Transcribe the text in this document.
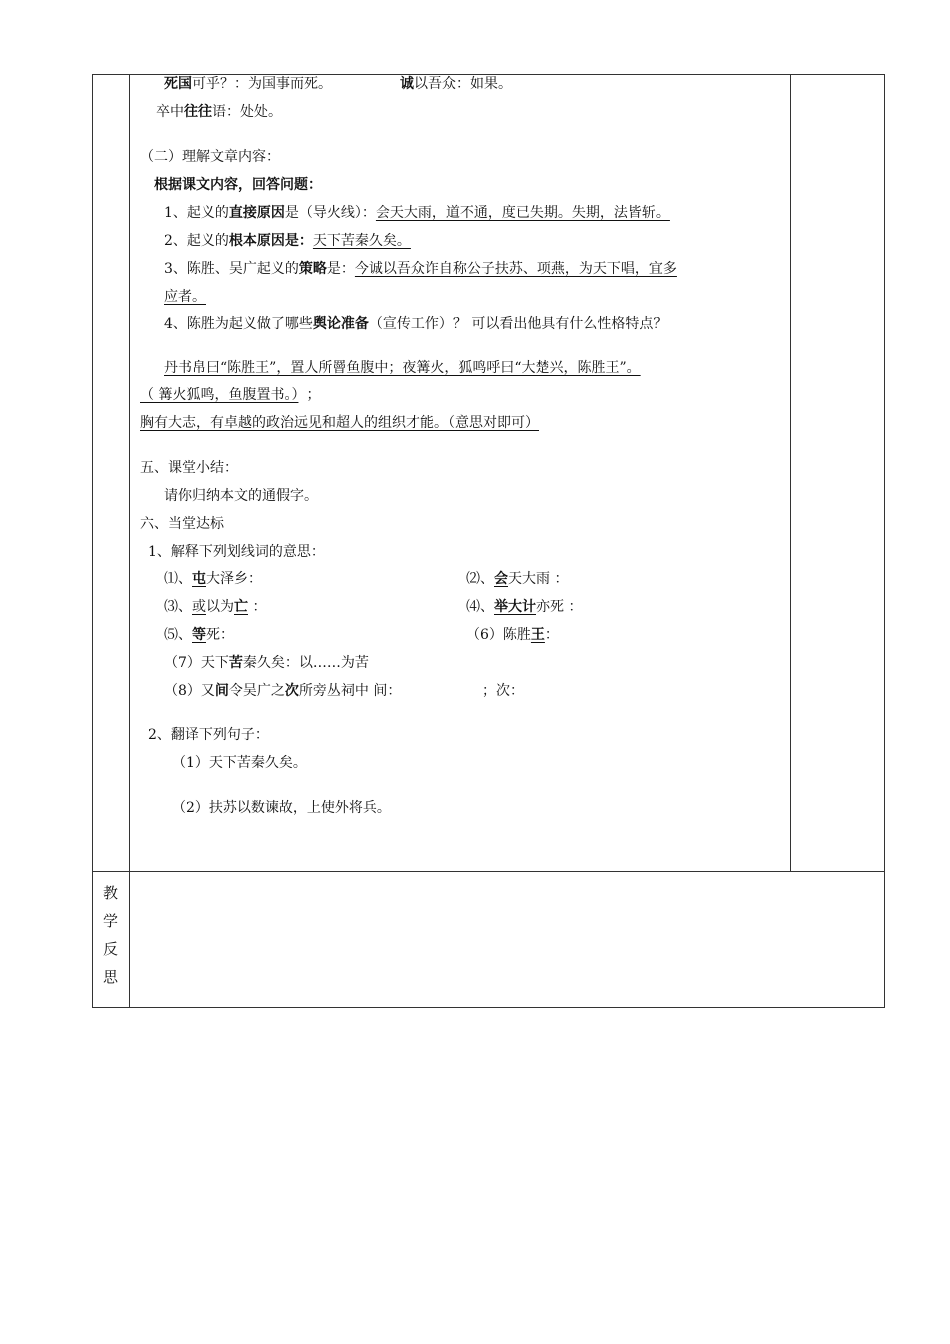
死国可乎？：为国事而死。	诚以吾众：如果。
卒中往往语：处处。
（二）理解文章内容：
根据课文内容，回答问题：
1、起义的直接原因是（导火线）：会天大雨，道不通，度已失期。失期，法皆斩。
2、起义的根本原因是：天下苦秦久矣。
3、陈胜、吴广起义的策略是：今诚以吾众诈自称公子扶苏、项燕，为天下唱，宜多
应者。
4、陈胜为起义做了哪些舆论准备（宣传工作）？ 可以看出他具有什么性格特点？
丹书帛曰“陈胜王”，置人所罾鱼腹中；夜篝火，狐鸣呼曰“大楚兴，陈胜王”。
（ 篝火狐鸣，鱼腹置书。） ；
胸有大志，有卓越的政治远见和超人的组织才能。（意思对即可）
五、课堂小结：
请你归纳本文的通假字。
六、当堂达标
1、解释下列划线词的意思：
⑴、屯大泽乡：	⑵、会天大雨 ：
⑶、或以为亡 ：	⑷、举大计亦死 ：
⑸、等死：	（6）陈胜王：
（7）天下苦秦久矣：以……为苦
（8）又间令吴广之次所旁丛祠中 间：	；次：
2、翻译下列句子：
（1）天下苦秦久矣。
（2）扶苏以数谏故，上使外将兵。
教
学
反
思
